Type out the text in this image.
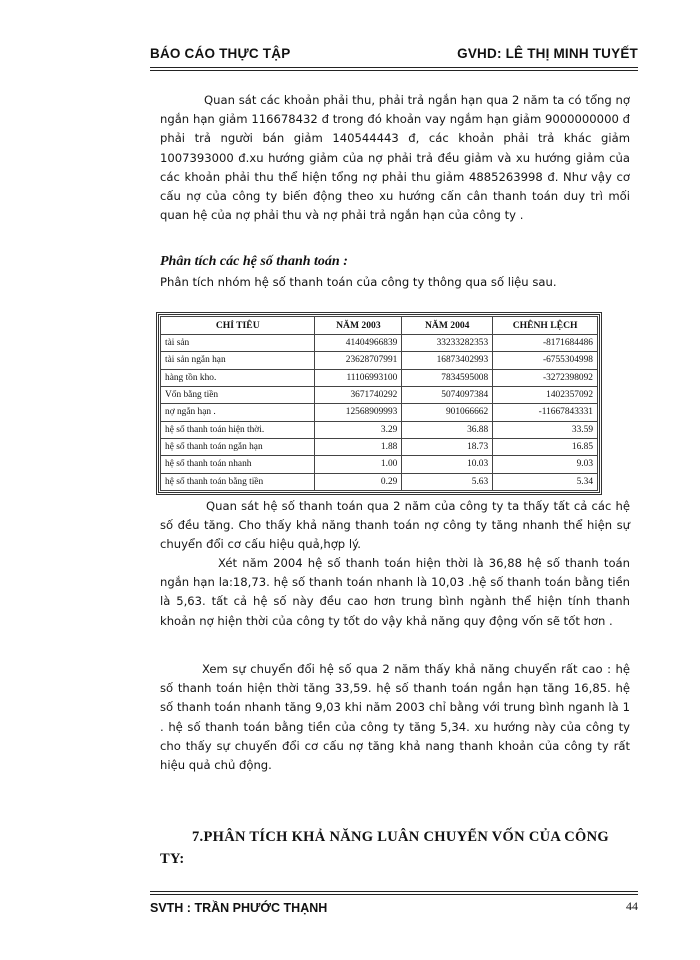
BÁO CÁO THỰC TẬP	GVHD: LÊ THỊ MINH TUYẾT

Quan sát các khoản phải thu, phải trả ngắn hạn qua 2 năm ta có tổng nợ ngắn hạn giảm 116678432 đ trong đó khoản vay ngắm hạn giảm 9000000000 đ phải trả người bán giảm 140544443 đ, các khoản phải trả khác giảm 1007393000 đ.xu hướng giảm của nợ phải trả đều giảm và xu hướng giảm của các khoản phải thu thể hiện tổng nợ phải thu giảm 4885263998 đ. Như vậy cơ cấu nợ của công ty biến động theo xu hướng cấn cân thanh toán duy trì mối quan hệ của nợ phải thu và nợ phải trả ngắn hạn của công ty .

Phân tích các hệ số thanh toán :
Phân tích nhóm hệ số thanh toán của công ty thông qua số liệu sau.
CHỈ TIÊU	NĂM 2003	NĂM 2004	CHÊNH LỆCH
tài sản	41404966839	33233282353	-8171684486
tài sản ngắn hạn	23628707991	16873402993	-6755304998
hàng tồn kho.	11106993100	7834595008	-3272398092
Vốn bằng tiền	3671740292	5074097384	1402357092
nợ ngắn hạn .	12568909993	901066662	-11667843331
hệ số thanh toán hiện thời.	3.29	36.88	33.59
hệ số thanh toán ngắn hạn	1.88	18.73	16.85
hệ số thanh toán nhanh	1.00	10.03	9.03
hệ số thanh toán bằng tiền	0.29	5.63	5.34

Quan sát hệ số thanh toán qua 2 năm của công ty ta thấy tất cả các hệ số đều tăng. Cho thấy khả năng thanh toán nợ công ty tăng nhanh thể hiện sự chuyển đổi cơ cấu hiệu quả,hợp lý.

Xét năm 2004 hệ số thanh toán hiện thời là 36,88 hệ số thanh toán ngắn hạn la:18,73. hệ số thanh toán nhanh là 10,03 .hệ số thanh toán bằng tiền là 5,63. tất cả hệ số này đều cao hơn trung bình ngành thể hiện tính thanh khoản nợ hiện thời của công ty tốt do vậy khả năng quy động vốn sẽ tốt hơn .

Xem sự chuyển đổi hệ số qua 2 năm thấy khả năng chuyển rất cao : hệ số thanh toán hiện thời tăng 33,59. hệ số thanh toán ngắn hạn tăng 16,85. hệ số thanh toán nhanh tăng 9,03 khi năm 2003 chỉ bằng với trung bình nganh là 1 . hệ số thanh toán bằng tiền của công ty tăng 5,34. xu hướng này của công ty cho thấy sự chuyển đổi cơ cấu nợ tăng khả nang thanh khoản của công ty rất hiệu quả chủ động.

7.PHÂN TÍCH KHẢ NĂNG LUÂN CHUYỂN VỐN CỦA CÔNG TY:
SVTH : TRẦN PHƯỚC THẠNH	44
